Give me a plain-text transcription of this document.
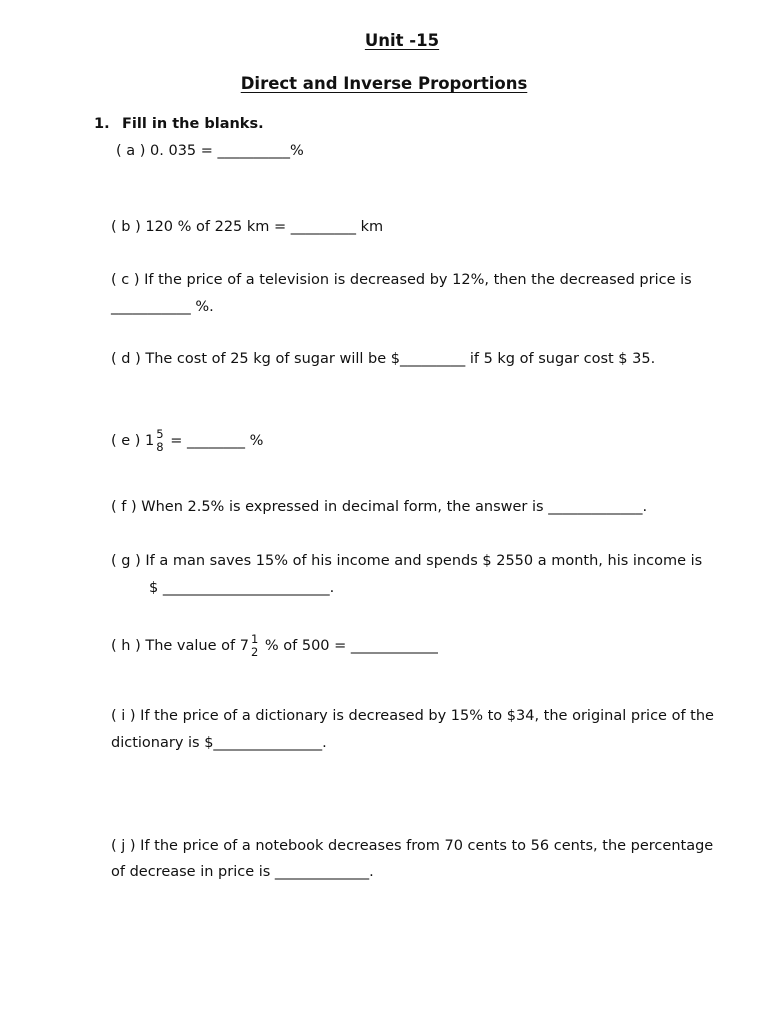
Unit -15
Direct and Inverse Proportions
1. Fill in the blanks.
( a ) 0. 035 = __________%
( b ) 120 % of 225 km = _________ km
( c ) If the price of a television is decreased by 12%, then the decreased price is
___________ %.
( d ) The cost of 25 kg of sugar will be $_________ if 5 kg of sugar cost $ 35.
( e ) 1 5
8 = ________ %
( f ) When 2.5% is expressed in decimal form, the answer is _____________.
( g ) If a man saves 15% of his income and spends $ 2550 a month, his income is
$ _______________________.
( h ) The value of 7 1
2 % of 500 = ____________
( i ) If the price of a dictionary is decreased by 15% to $34, the original price of the
dictionary is $_______________.
( j ) If the price of a notebook decreases from 70 cents to 56 cents, the percentage
of decrease in price is _____________.
